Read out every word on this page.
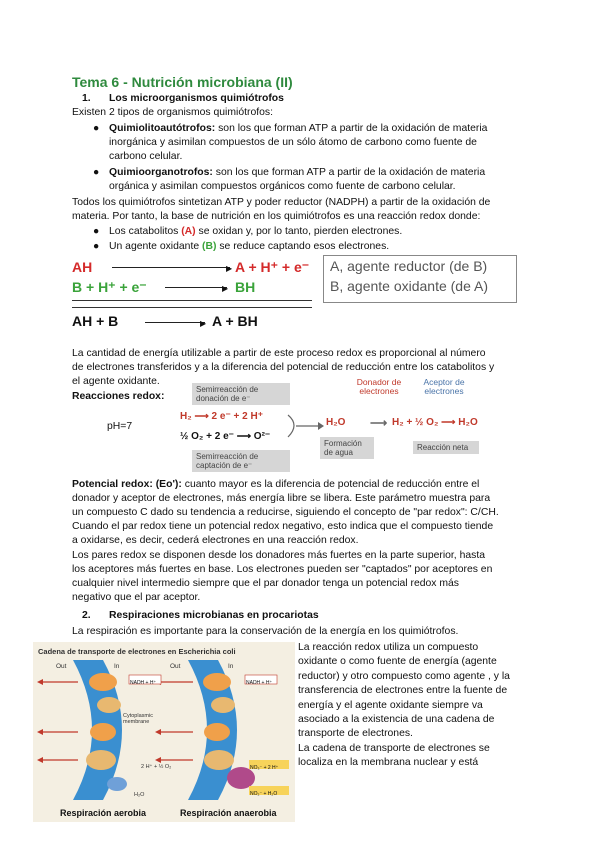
Tema 6 - Nutrición microbiana (II)
1. Los microorganismos quimiótrofos
Existen 2 tipos de organismos quimiótrofos:
● Quimiolitoautótrofos: son los que forman ATP a partir de la oxidación de materia
inorgánica y asimilan compuestos de un sólo átomo de carbono como fuente de
carbono celular.
● Quimioorganotrofos: son los que forman ATP a partir de la oxidación de materia
orgánica y asimilan compuestos orgánicos como fuente de carbono celular.
Todos los quimiótrofos sintetizan ATP y poder reductor (NADPH) a partir de la oxidación de
materia. Por tanto, la base de nutrición en los quimiótrofos es una reacción redox donde:
● Los catabolitos (A) se oxidan y, por lo tanto, pierden electrones.
● Un agente oxidante (B) se reduce captando esos electrones.
AH	▶ A + H⁺ + e⁻
B + H⁺ + e⁻	▶ BH
A, agente reductor (de B)
B, agente oxidante (de A)
AH + B	▶ A + BH
La cantidad de energía utilizable a partir de este proceso redox es proporcional al número
de electrones transferidos y a la diferencia del potencial de reducción entre los catabolitos y
el agente oxidante.
Reacciones redox:
pH=7
Semirreacción de donación de e⁻
H₂ ⟶ 2 e⁻ + 2 H⁺
½ O₂ + 2 e⁻ ⟶ O²⁻
Semirreacción de captación de e⁻
H₂O
Formación de agua
⟶
Donador de electrones
Aceptor de electrones
H₂ + ½ O₂ ⟶ H₂O
Reacción neta
Potencial redox: (Eo'): cuanto mayor es la diferencia de potencial de reducción entre el
donador y aceptor de electrones, más energía libre se libera. Este parámetro muestra para
un compuesto C dado su tendencia a reducirse, siguiendo el concepto de "par redox": C/CH.
Cuando el par redox tiene un potencial redox negativo, esto indica que el compuesto tiende
a oxidarse, es decir, cederá electrones en una reacción redox.
Los pares redox se disponen desde los donadores más fuertes en la parte superior, hasta
los aceptores más fuertes en base. Los electrones pueden ser "captados" por aceptores en
cualquier nivel intermedio siempre que el par donador tenga un potencial redox más
negativo que el par aceptor.
2. Respiraciones microbianas en procariotas
La respiración es importante para la conservación de la energía en los quimiótrofos.
Cadena de transporte de electrones en Escherichia coli
Out	In	Out	In
NADH + H⁺	NADH + H⁺
Cytoplasmic membrane
2 H⁺ + ½ O₂
H₂O
NO₃⁻ + 2 H⁺
NO₂⁻ + H₂O
Respiración aerobia	Respiración anaerobia
La reacción redox utiliza un compuesto
oxidante o como fuente de energía (agente
reductor) y otro compuesto como agente , y la
transferencia de electrones entre la fuente de
energía y el agente oxidante siempre va
asociado a la existencia de una cadena de
transporte de electrones.
La cadena de transporte de electrones se
localiza en la membrana nuclear y está
